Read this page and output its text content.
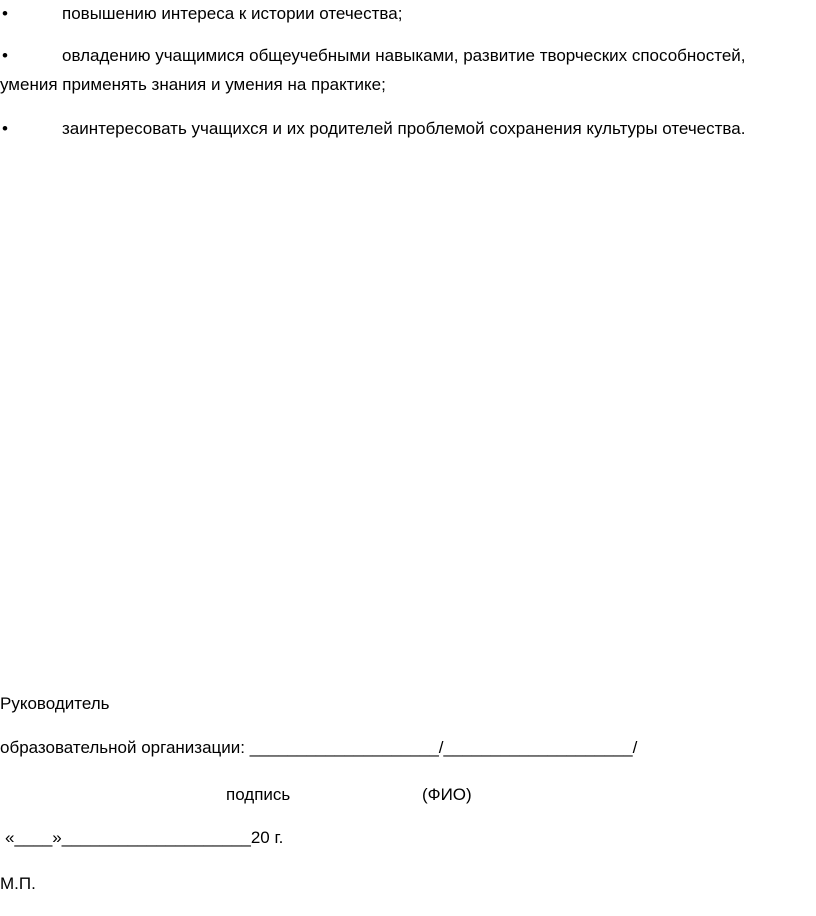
•	повышению интереса к истории отечества;
•	овладению учащимися общеучебными навыками, развитие творческих способностей,
умения применять знания и умения на практике;
•	заинтересовать учащихся и их родителей проблемой сохранения культуры отечества.
Руководитель
образовательной организации: ____________________/____________________/
подпись	(ФИО)
«____»____________________20 г.
М.П.
